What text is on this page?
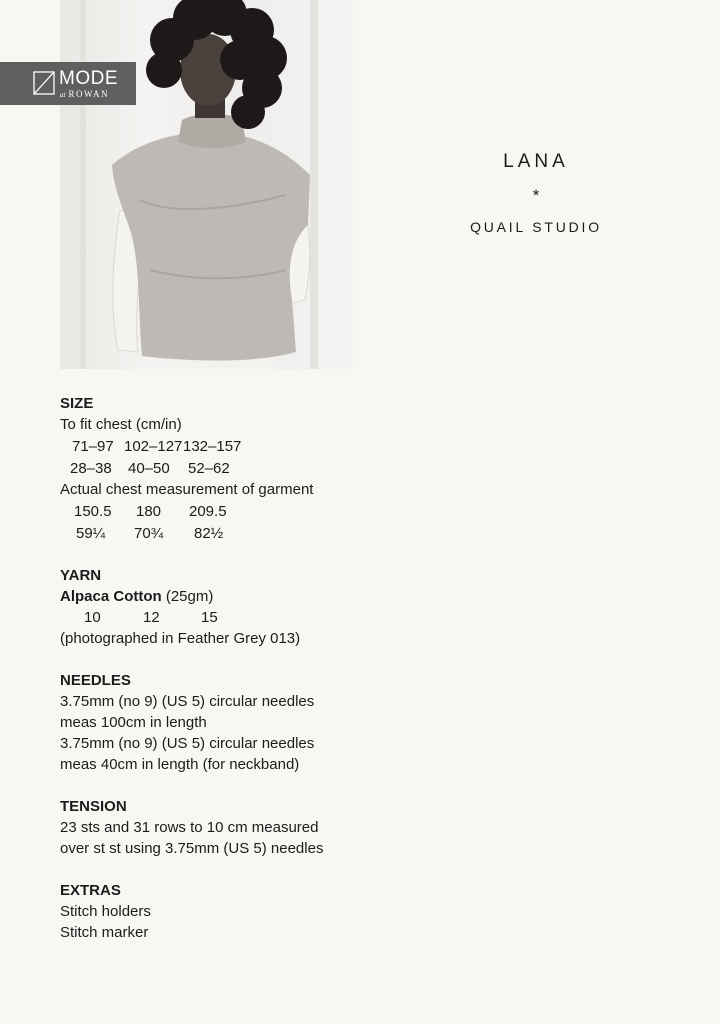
MODE
at ROWAN
LANA
*
QUAIL STUDIO
SIZE
To fit chest (cm/in)
71–97 102–127 132–157
28–38	40–50	52–62
Actual chest measurement of garment
150.5	180	209.5
59¼	70¾	82½
YARN
Alpaca Cotton (25gm)
10	12	15
(photographed in Feather Grey 013)
NEEDLES
3.75mm (no 9) (US 5) circular needles
meas 100cm in length
3.75mm (no 9) (US 5) circular needles
meas 40cm in length (for neckband)
TENSION
23 sts and 31 rows to 10 cm measured
over st st using 3.75mm (US 5) needles
EXTRAS
Stitch holders
Stitch marker
